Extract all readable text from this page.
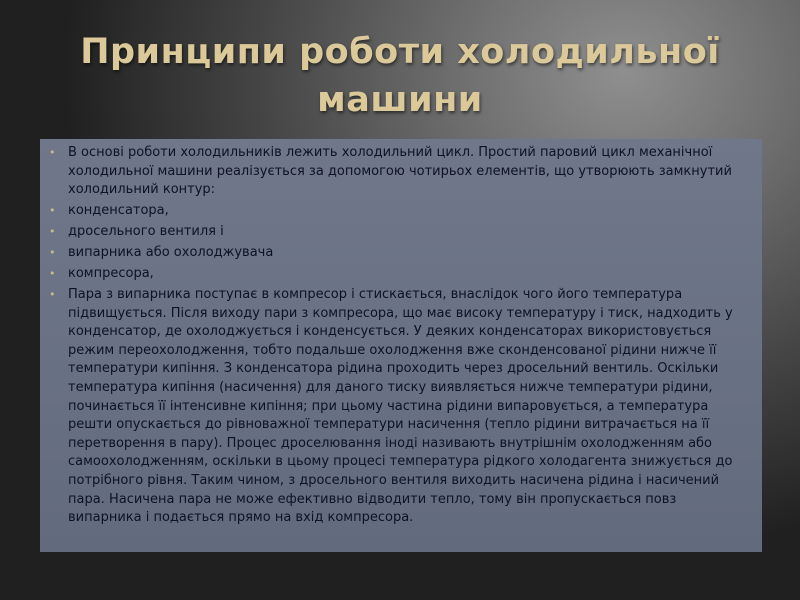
Принципи роботи холодильної машини
• В основі роботи холодильників лежить холодильний цикл. Простий паровий цикл механічної холодильної машини реалізується за допомогою чотирьох елементів, що утворюють замкнутий холодильний контур:
• конденсатора,
• дросельного вентиля і
• випарника або охолоджувача
• компресора,
• Пара з випарника поступає в компресор і стискається, внаслідок чого його температура підвищується. Після виходу пари з компресора, що має високу температуру і тиск, надходить у конденсатор, де охолоджується і конденсується. У деяких конденсаторах використовується режим переохолодження, тобто подальше охолодження вже сконденсованої рідини нижче її температури кипіння. З конденсатора рідина проходить через дросельний вентиль. Оскільки температура кипіння (насичення) для даного тиску виявляється нижче температури рідини, починається її інтенсивне кипіння; при цьому частина рідини випаровується, а температура решти опускається до рівноважної температури насичення (тепло рідини витрачається на її перетворення в пару). Процес дроселювання іноді називають внутрішнім охолодженням або самоохолодженням, оскільки в цьому процесі температура рідкого холодагента знижується до потрібного рівня. Таким чином, з дросельного вентиля виходить насичена рідина і насичений пара. Насичена пара не може ефективно відводити тепло, тому він пропускається повз випарника і подається прямо на вхід компресора.
